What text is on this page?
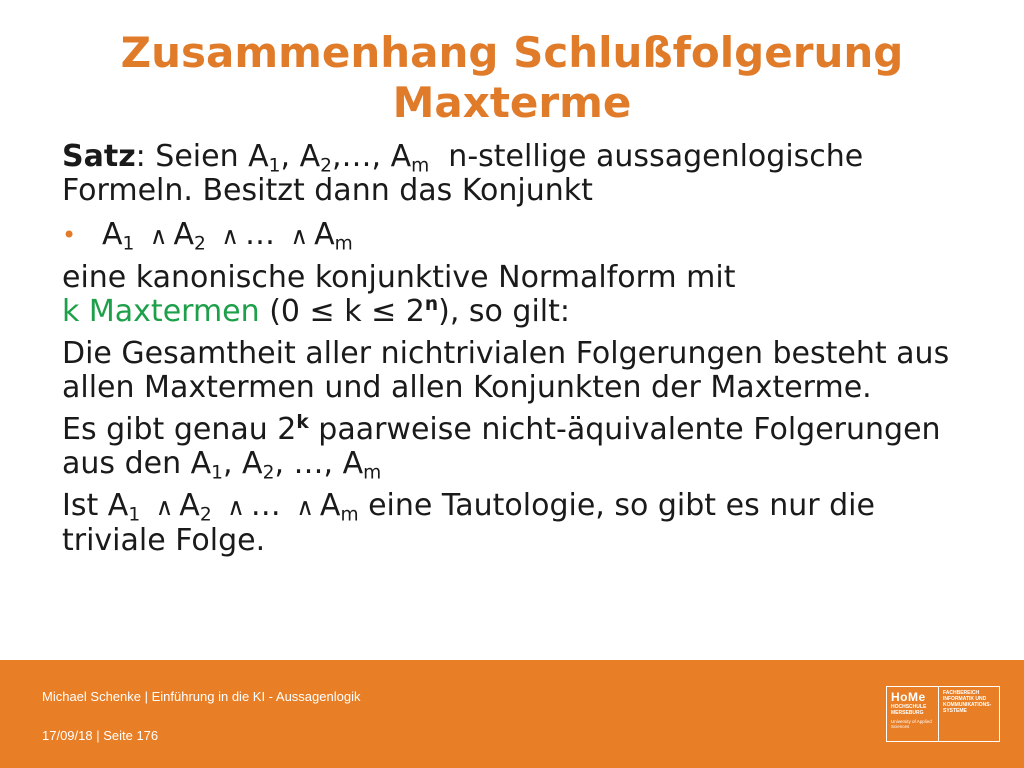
Zusammenhang Schlußfolgerung
Maxterme

Satz: Seien $A_1$, $A_2,\dots$, $A_m$  n-stellige aussagenlogische Formeln. Besitzt dann das Konjunkt

• $A_1$ ∧ $A_2$ ∧ … ∧ $A_m$

eine kanonische konjunktive Normalform mit
k Maxtermen $(0 \le k \le 2^n)$, so gilt:

Die Gesamtheit aller nichtrivialen Folgerungen besteht aus allen Maxtermen und allen Konjunkten der Maxterme.

Es gibt genau 2$^k$ paarweise nicht-äquivalente Folgerungen aus den $A_1$, $A_2$, …, $A_m$

Ist $A_1$ ∧ $A_2$ ∧ … ∧ $A_m$ eine Tautologie, so gibt es nur die triviale Folge.

Michael Schenke | Einführung in die KI - Aussagenlogik
17/09/18 | Seite 176
HoMe
HOCHSCHULE MERSEBURG
University of Applied Sciences
FACHBEREICH INFORMATIK UND KOMMUNIKATIONS-SYSTEME
